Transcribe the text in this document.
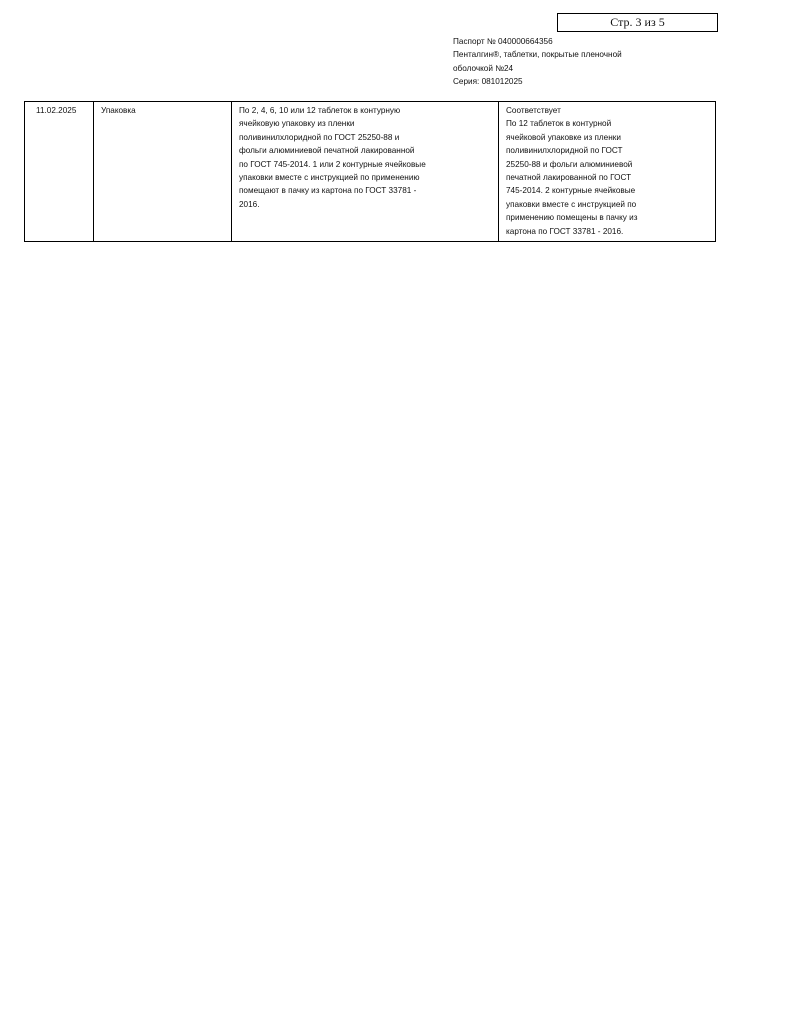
Стр. 3 из 5
Паспорт № 040000664356
Пенталгин®, таблетки, покрытые пленочной
оболочкой №24
Серия: 081012025
11.02.2025	Упаковка	По 2, 4, 6, 10 или 12 таблеток в контурную
ячейковую упаковку из пленки
поливинилхлоридной по ГОСТ 25250-88 и
фольги алюминиевой печатной лакированной
по ГОСТ 745-2014. 1 или 2 контурные ячейковые
упаковки вместе с инструкцией по применению
помещают в пачку из картона по ГОСТ 33781 -
2016.	Соответствует
По 12 таблеток в контурной
ячейковой упаковке из пленки
поливинилхлоридной по ГОСТ
25250-88 и фольги алюминиевой
печатной лакированной по ГОСТ
745-2014. 2 контурные ячейковые
упаковки вместе с инструкцией по
применению помещены в пачку из
картона по ГОСТ 33781 - 2016.
